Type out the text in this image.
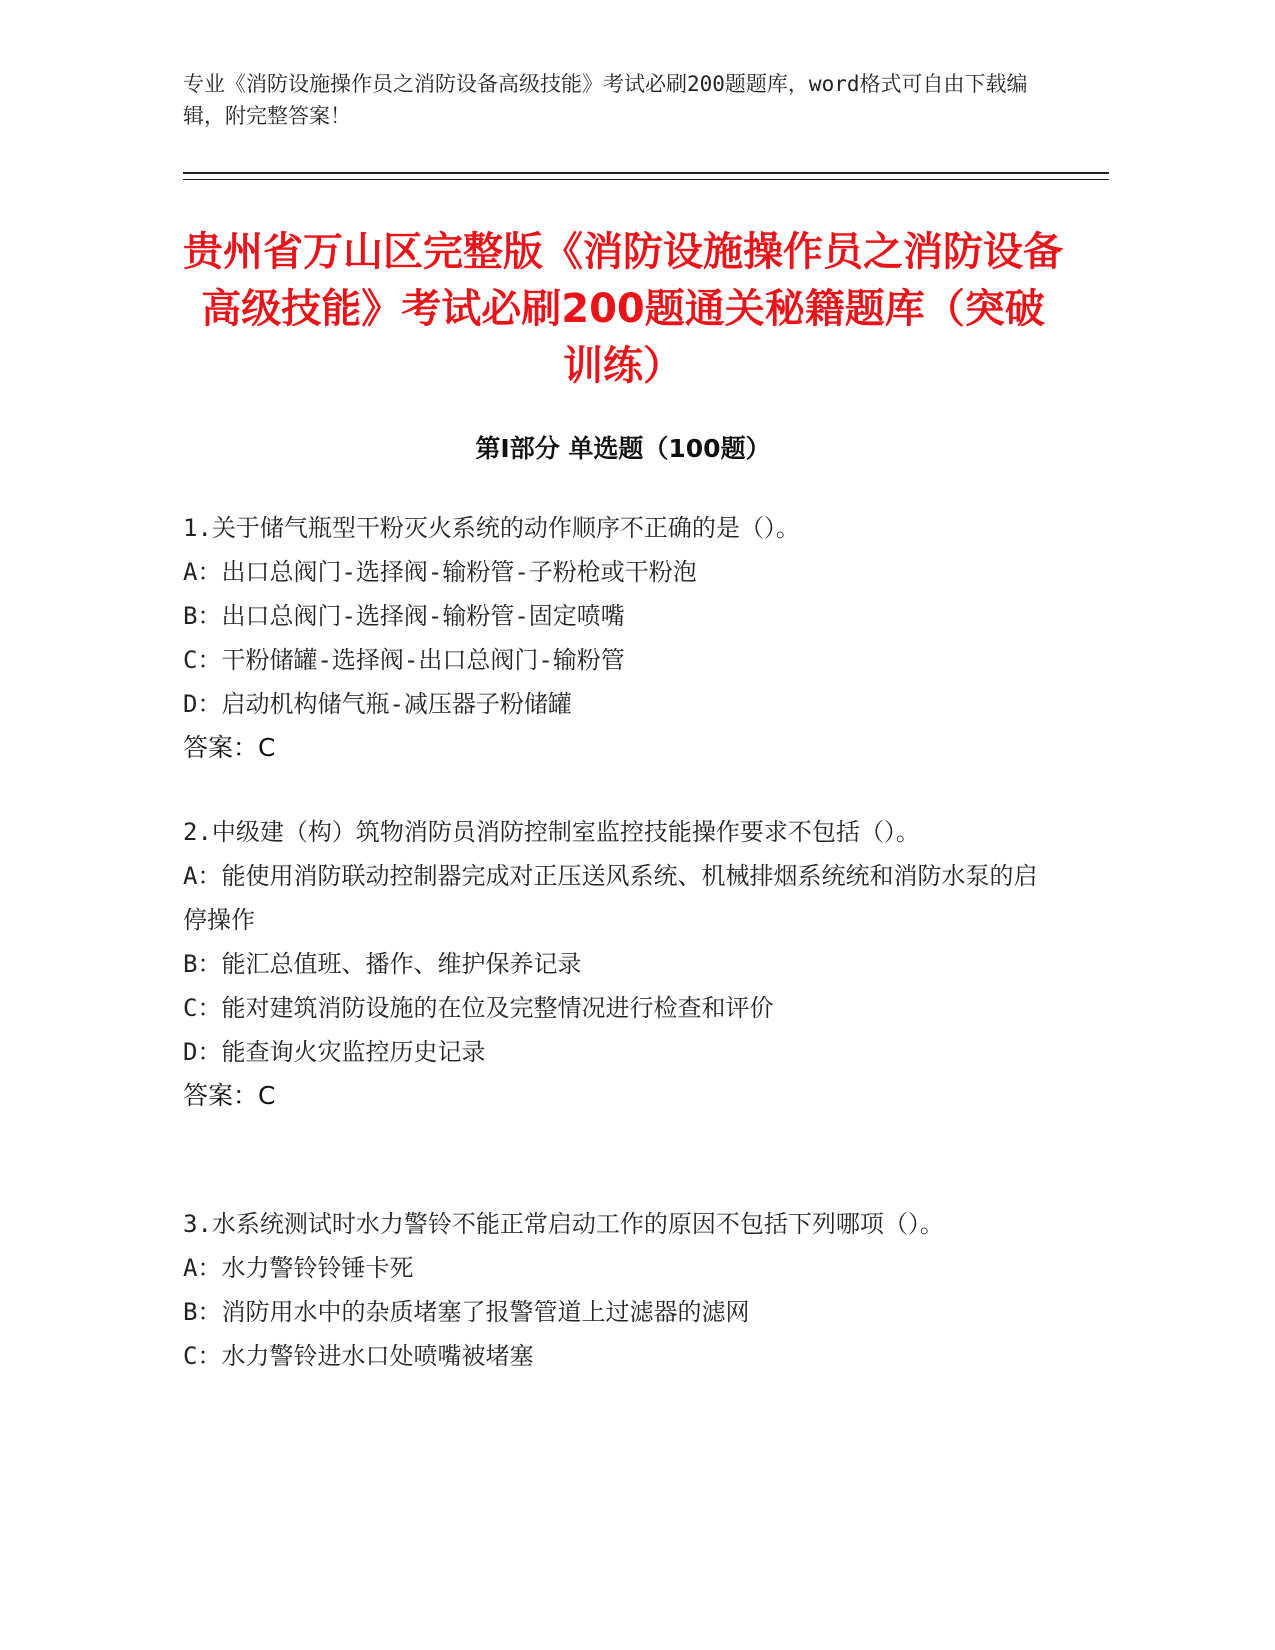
专业《消防设施操作员之消防设备高级技能》考试必刷200题题库，word格式可自由下载编辑，附完整答案！
贵州省万山区完整版《消防设施操作员之消防设备高级技能》考试必刷200题通关秘籍题库（突破训练）
第I部分 单选题（100题）
1.关于储气瓶型干粉灭火系统的动作顺序不正确的是（）。
A：出口总阀门-选择阀-输粉管-子粉枪或干粉泡
B：出口总阀门-选择阀-输粉管-固定喷嘴
C：干粉储罐-选择阀-出口总阀门-输粉管
D：启动机构储气瓶-减压器子粉储罐
答案：C
2.中级建（构）筑物消防员消防控制室监控技能操作要求不包括（）。
A：能使用消防联动控制器完成对正压送风系统、机械排烟系统统和消防水泵的启停操作
B：能汇总值班、播作、维护保养记录
C：能对建筑消防设施的在位及完整情况进行检查和评价
D：能查询火灾监控历史记录
答案：C
3.水系统测试时水力警铃不能正常启动工作的原因不包括下列哪项（）。
A：水力警铃铃锤卡死
B：消防用水中的杂质堵塞了报警管道上过滤器的滤网
C：水力警铃进水口处喷嘴被堵塞
